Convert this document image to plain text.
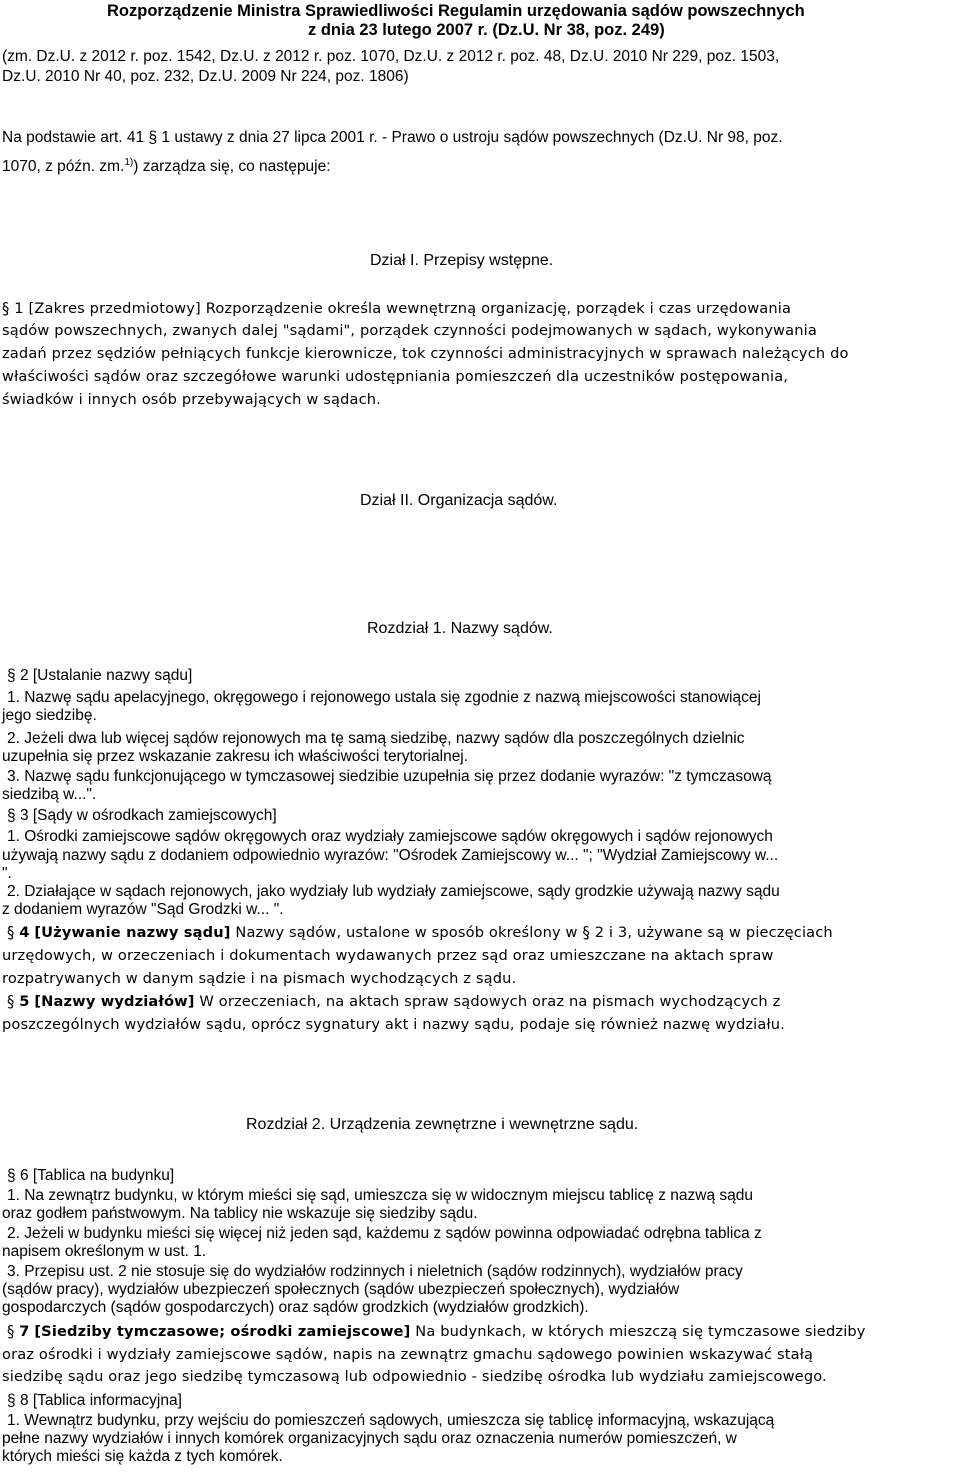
Rozporządzenie Ministra Sprawiedliwości Regulamin urzędowania sądów powszechnych
z dnia 23 lutego 2007 r. (Dz.U. Nr 38, poz. 249)
(zm. Dz.U. z 2012 r. poz. 1542, Dz.U. z 2012 r. poz. 1070, Dz.U. z 2012 r. poz. 48, Dz.U. 2010 Nr 229, poz. 1503,
Dz.U. 2010 Nr 40, poz. 232, Dz.U. 2009 Nr 224, poz. 1806)
Na podstawie art. 41 § 1 ustawy z dnia 27 lipca 2001 r. - Prawo o ustroju sądów powszechnych (Dz.U. Nr 98, poz.
1070, z późn. zm.$^{1)}$) zarządza się, co następuje:
Dział I. Przepisy wstępne.
§ 1 [Zakres przedmiotowy] Rozporządzenie określa wewnętrzną organizację, porządek i czas urzędowania
sądów powszechnych, zwanych dalej "sądami", porządek czynności podejmowanych w sądach, wykonywania
zadań przez sędziów pełniących funkcje kierownicze, tok czynności administracyjnych w sprawach należących do
właściwości sądów oraz szczegółowe warunki udostępniania pomieszczeń dla uczestników postępowania,
świadków i innych osób przebywających w sądach.
Dział II. Organizacja sądów.
Rozdział 1. Nazwy sądów.
§ 2 [Ustalanie nazwy sądu]
1. Nazwę sądu apelacyjnego, okręgowego i rejonowego ustala się zgodnie z nazwą miejscowości stanowiącej
jego siedzibę.
2. Jeżeli dwa lub więcej sądów rejonowych ma tę samą siedzibę, nazwy sądów dla poszczególnych dzielnic
uzupełnia się przez wskazanie zakresu ich właściwości terytorialnej.
3. Nazwę sądu funkcjonującego w tymczasowej siedzibie uzupełnia się przez dodanie wyrazów: "z tymczasową
siedzibą w...".
§ 3 [Sądy w ośrodkach zamiejscowych]
1. Ośrodki zamiejscowe sądów okręgowych oraz wydziały zamiejscowe sądów okręgowych i sądów rejonowych
używają nazwy sądu z dodaniem odpowiednio wyrazów: "Ośrodek Zamiejscowy w... "; "Wydział Zamiejscowy w...
".
2. Działające w sądach rejonowych, jako wydziały lub wydziały zamiejscowe, sądy grodzkie używają nazwy sądu
z dodaniem wyrazów "Sąd Grodzki w... ".
§ 4 [Używanie nazwy sądu] Nazwy sądów, ustalone w sposób określony w § 2 i 3, używane są w pieczęciach
urzędowych, w orzeczeniach i dokumentach wydawanych przez sąd oraz umieszczane na aktach spraw
rozpatrywanych w danym sądzie i na pismach wychodzących z sądu.
§ 5 [Nazwy wydziałów] W orzeczeniach, na aktach spraw sądowych oraz na pismach wychodzących z
poszczególnych wydziałów sądu, oprócz sygnatury akt i nazwy sądu, podaje się również nazwę wydziału.
Rozdział 2. Urządzenia zewnętrzne i wewnętrzne sądu.
§ 6 [Tablica na budynku]
1. Na zewnątrz budynku, w którym mieści się sąd, umieszcza się w widocznym miejscu tablicę z nazwą sądu
oraz godłem państwowym. Na tablicy nie wskazuje się siedziby sądu.
2. Jeżeli w budynku mieści się więcej niż jeden sąd, każdemu z sądów powinna odpowiadać odrębna tablica z
napisem określonym w ust. 1.
3. Przepisu ust. 2 nie stosuje się do wydziałów rodzinnych i nieletnich (sądów rodzinnych), wydziałów pracy
(sądów pracy), wydziałów ubezpieczeń społecznych (sądów ubezpieczeń społecznych), wydziałów
gospodarczych (sądów gospodarczych) oraz sądów grodzkich (wydziałów grodzkich).
§ 7 [Siedziby tymczasowe; ośrodki zamiejscowe] Na budynkach, w których mieszczą się tymczasowe siedziby
oraz ośrodki i wydziały zamiejscowe sądów, napis na zewnątrz gmachu sądowego powinien wskazywać stałą
siedzibę sądu oraz jego siedzibę tymczasową lub odpowiednio - siedzibę ośrodka lub wydziału zamiejscowego.
§ 8 [Tablica informacyjna]
1. Wewnątrz budynku, przy wejściu do pomieszczeń sądowych, umieszcza się tablicę informacyjną, wskazującą
pełne nazwy wydziałów i innych komórek organizacyjnych sądu oraz oznaczenia numerów pomieszczeń, w
których mieści się każda z tych komórek.
